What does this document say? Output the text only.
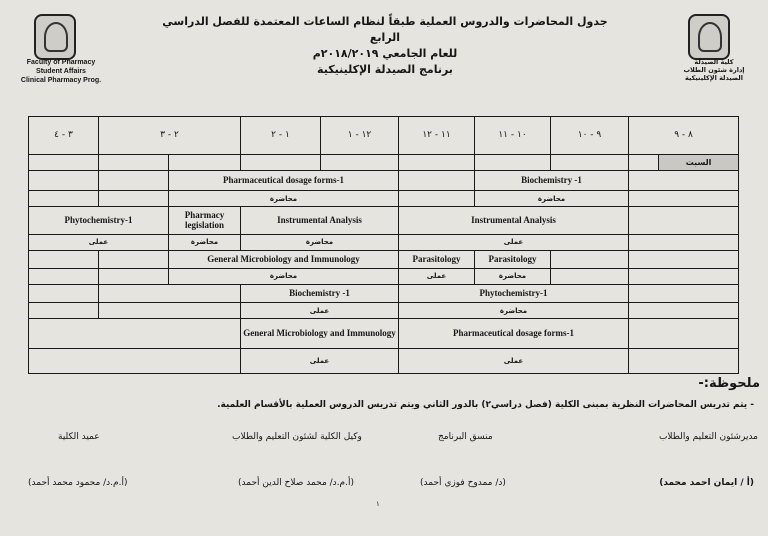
Faculty of Pharmacy
Student Affairs
Clinical Pharmacy Prog.
جدول المحاضرات والدروس العملية طبقاً لنظام الساعات المعتمدة للفصل الدراسي الرابع
للعام الجامعي ٢٠١٨/٢٠١٩م
برنامج الصيدلة الإكلينيكية
كلية الصيدلة
إدارة شئون الطلاب
الصيدلة الإكلينيكية
٣ - ٤	٢ - ٣		١ - ٢	١٢ - ١	١١ - ١٢	١٠ - ١١	٩ - ١٠	٨ - ٩	

									السبت	
		Pharmaceutical dosage forms-1				Biochemistry -1		
		محاضرة				محاضرة				
Phytochemistry-1		Pharmacy legislation	Instrumental Analysis		Instrumental Analysis		
عملى		محاضرة	محاضرة		عملى					
		General Microbiology and Immunology			Parasitology	Parasitology			
		محاضرة			عملى	محاضرة				
			Biochemistry -1		Phytochemistry-1		
			عملى		محاضرة					
			General Microbiology and Immunology		Pharmaceutical dosage forms-1		
			عملى		عملى					
ملحوظة:-
- يتم تدريس المحاضرات النظرية بمبنى الكلية (فصل دراسي٢) بالدور الثاني ويتم تدريس الدروس العملية بالأقسام العلمية.
مديرشئون التعليم والطلاب
منسق البرنامج
وكيل الكلية لشئون التعليم والطلاب
عميد الكلية
(أ / ايمان احمد محمد)
(د/ ممدوح فوزي أحمد)
(أ.م.د/ محمد صلاح الدين أحمد)
(أ.م.د/ محمود محمد أحمد)
١
